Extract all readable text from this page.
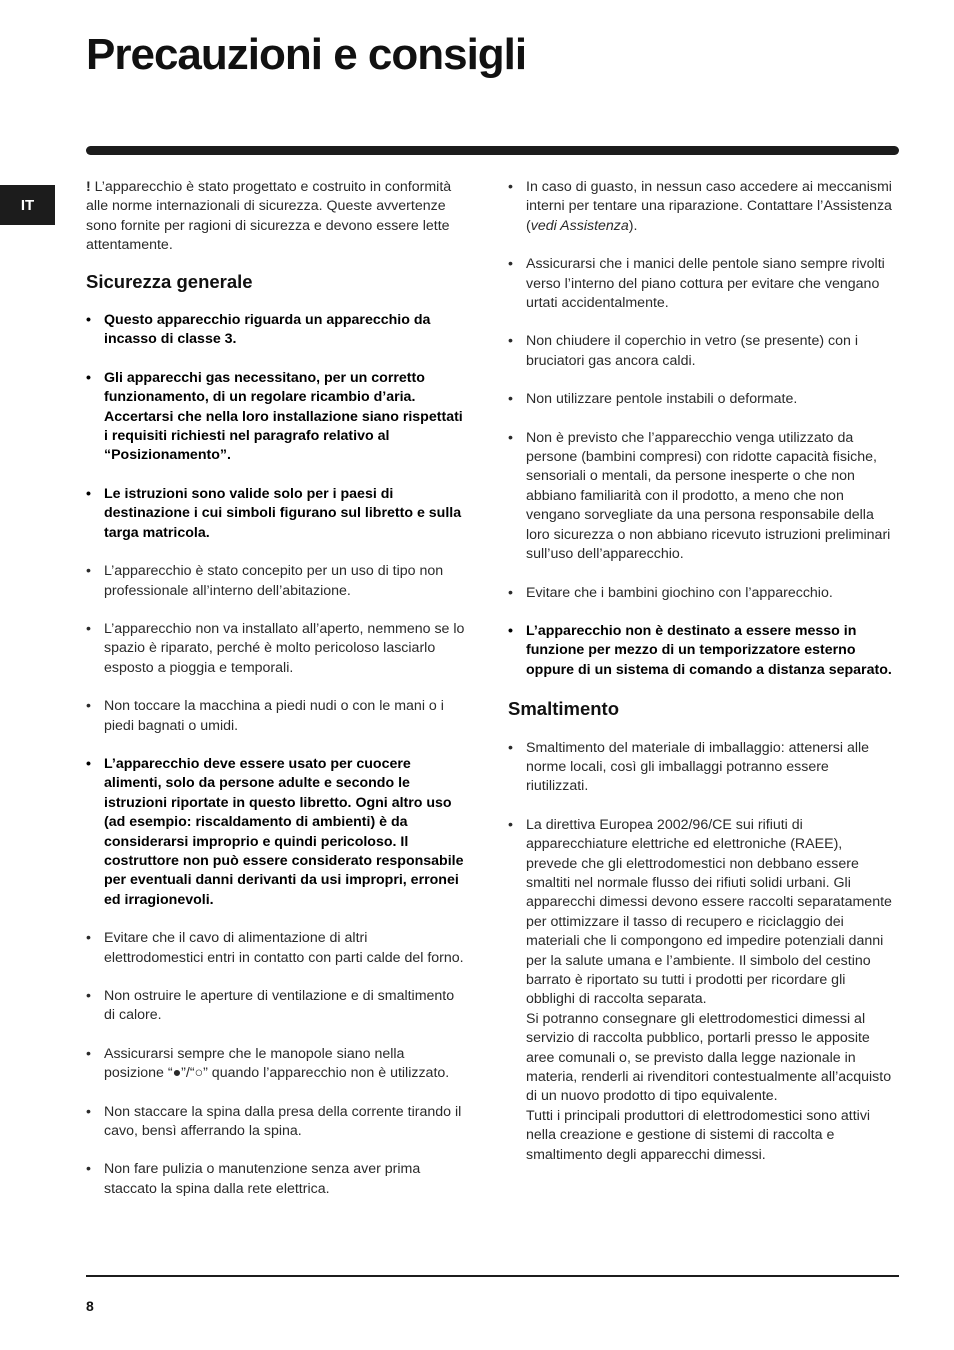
Precauzioni e consigli
IT

! L’apparecchio è stato progettato e costruito in conformità alle norme internazionali di sicurezza. Queste avvertenze sono fornite per ragioni di sicurezza e devono essere lette attentamente.

Sicurezza generale
• Questo apparecchio riguarda un apparecchio da incasso di classe 3.
• Gli apparecchi gas necessitano, per un corretto funzionamento, di un regolare ricambio d’aria. Accertarsi che nella loro installazione siano rispettati i requisiti richiesti nel paragrafo relativo al “Posizionamento”.
• Le istruzioni sono valide solo per i paesi di destinazione i cui simboli figurano sul libretto e sulla targa matricola.
• L’apparecchio è stato concepito per un uso di tipo non professionale all’interno dell’abitazione.
• L’apparecchio non va installato all’aperto, nemmeno se lo spazio è riparato, perché è molto pericoloso lasciarlo esposto a pioggia e temporali.
• Non toccare la macchina a piedi nudi o con le mani o i piedi bagnati o umidi.
• L’apparecchio deve essere usato per cuocere alimenti, solo da persone adulte e secondo le istruzioni riportate in questo libretto. Ogni altro uso (ad esempio: riscaldamento di ambienti) è da considerarsi improprio e quindi pericoloso. Il costruttore non può essere considerato responsabile per eventuali danni derivanti da usi impropri, erronei ed irragionevoli.
• Evitare che il cavo di alimentazione di altri elettrodomestici entri in contatto con parti calde del forno.
• Non ostruire le aperture di ventilazione e di smaltimento di calore.
• Assicurarsi sempre che le manopole siano nella posizione “●”/“○” quando l’apparecchio non è utilizzato.
• Non staccare la spina dalla presa della corrente tirando il cavo, bensì afferrando la spina.
• Non fare pulizia o manutenzione senza aver prima staccato la spina dalla rete elettrica.
• In caso di guasto, in nessun caso accedere ai meccanismi interni per tentare una riparazione. Contattare l’Assistenza (vedi Assistenza).
• Assicurarsi che i manici delle pentole siano sempre rivolti verso l’interno del piano cottura per evitare che vengano urtati accidentalmente.
• Non chiudere il coperchio in vetro (se presente) con i bruciatori gas ancora caldi.
• Non utilizzare pentole instabili o deformate.
• Non è previsto che l’apparecchio venga utilizzato da persone (bambini compresi) con ridotte capacità fisiche, sensoriali o mentali, da persone inesperte o che non abbiano familiarità con il prodotto, a meno che non vengano sorvegliate da una persona responsabile della loro sicurezza o non abbiano ricevuto istruzioni preliminari sull’uso dell’apparecchio.
• Evitare che i bambini giochino con l’apparecchio.
• L’apparecchio non è destinato a essere messo in funzione per mezzo di un temporizzatore esterno oppure di un sistema di comando a distanza separato.
Smaltimento
• Smaltimento del materiale di imballaggio: attenersi alle norme locali, così gli imballaggi potranno essere riutilizzati.
• La direttiva Europea 2002/96/CE sui rifiuti di apparecchiature elettriche ed elettroniche (RAEE), prevede che gli elettrodomestici non debbano essere smaltiti nel normale flusso dei rifiuti solidi urbani. Gli apparecchi dimessi devono essere raccolti separatamente per ottimizzare il tasso di recupero e riciclaggio dei materiali che li compongono ed impedire potenziali danni per la salute umana e l’ambiente. Il simbolo del cestino barrato è riportato su tutti i prodotti per ricordare gli obblighi di raccolta separata.
Si potranno consegnare gli elettrodomestici dimessi al servizio di raccolta pubblico, portarli presso le apposite aree comunali o, se previsto dalla legge nazionale in materia, renderli ai rivenditori contestualmente all’acquisto di un nuovo prodotto di tipo equivalente.
Tutti i principali produttori di elettrodomestici sono attivi nella creazione e gestione di sistemi di raccolta e smaltimento degli apparecchi dimessi.
8
